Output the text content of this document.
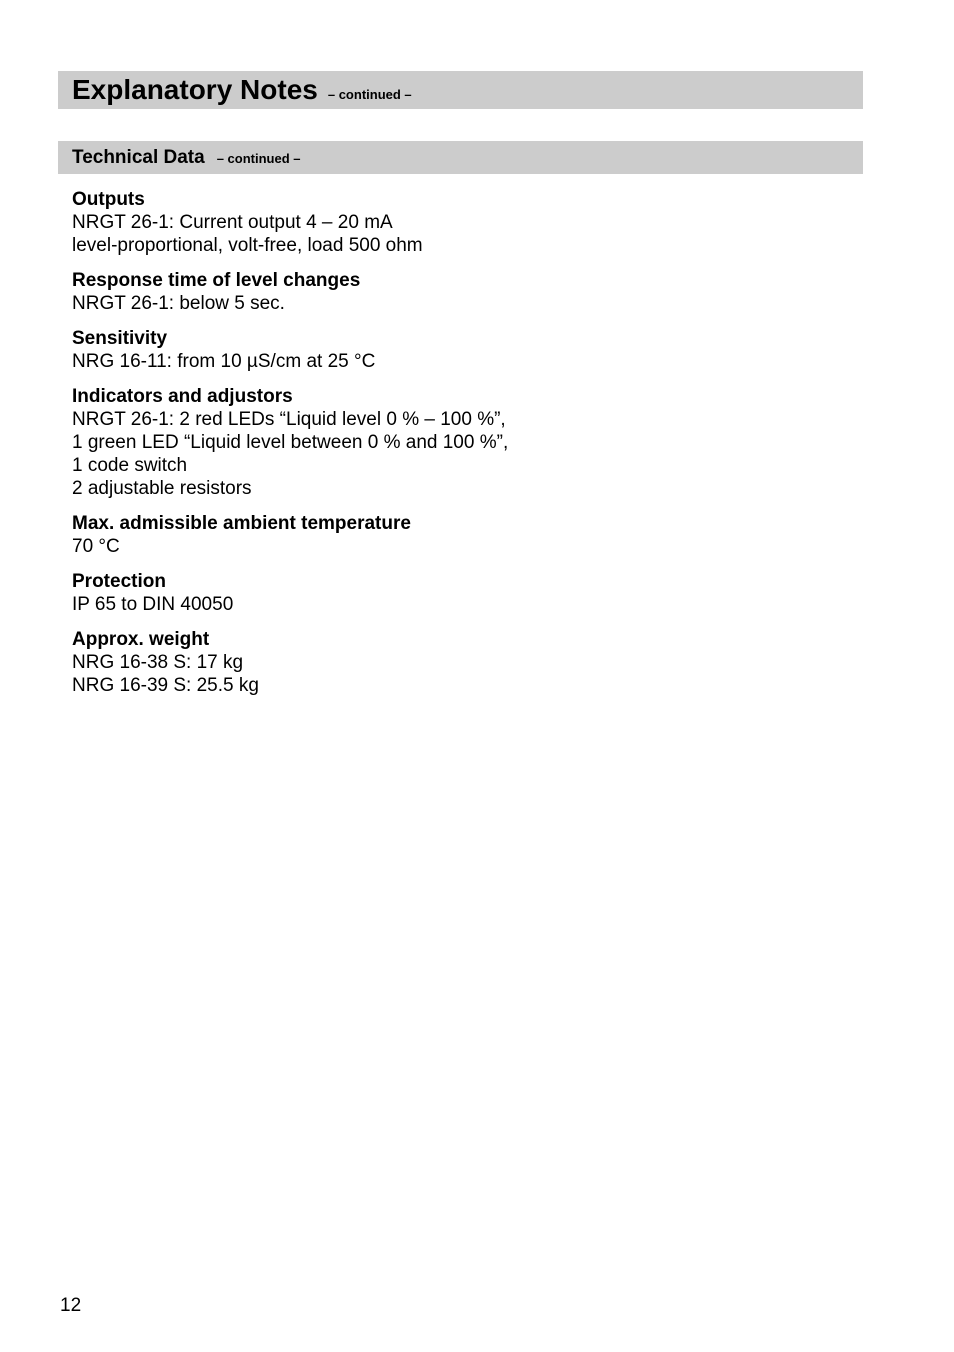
Explanatory Notes – continued –
Technical Data – continued –
Outputs
NRGT 26-1: Current output 4 – 20 mA
level-proportional, volt-free, load 500 ohm
Response time of level changes
NRGT 26-1: below 5 sec.
Sensitivity
NRG 16-11: from 10 µS/cm at 25 °C
Indicators and adjustors
NRGT 26-1: 2 red LEDs “Liquid level 0 % – 100 %”,
1 green LED “Liquid level between 0 % and 100 %”,
1 code switch
2 adjustable resistors
Max. admissible ambient temperature
70 °C
Protection
IP 65 to DIN 40050
Approx. weight
NRG 16-38 S: 17 kg
NRG 16-39 S: 25.5 kg
12
